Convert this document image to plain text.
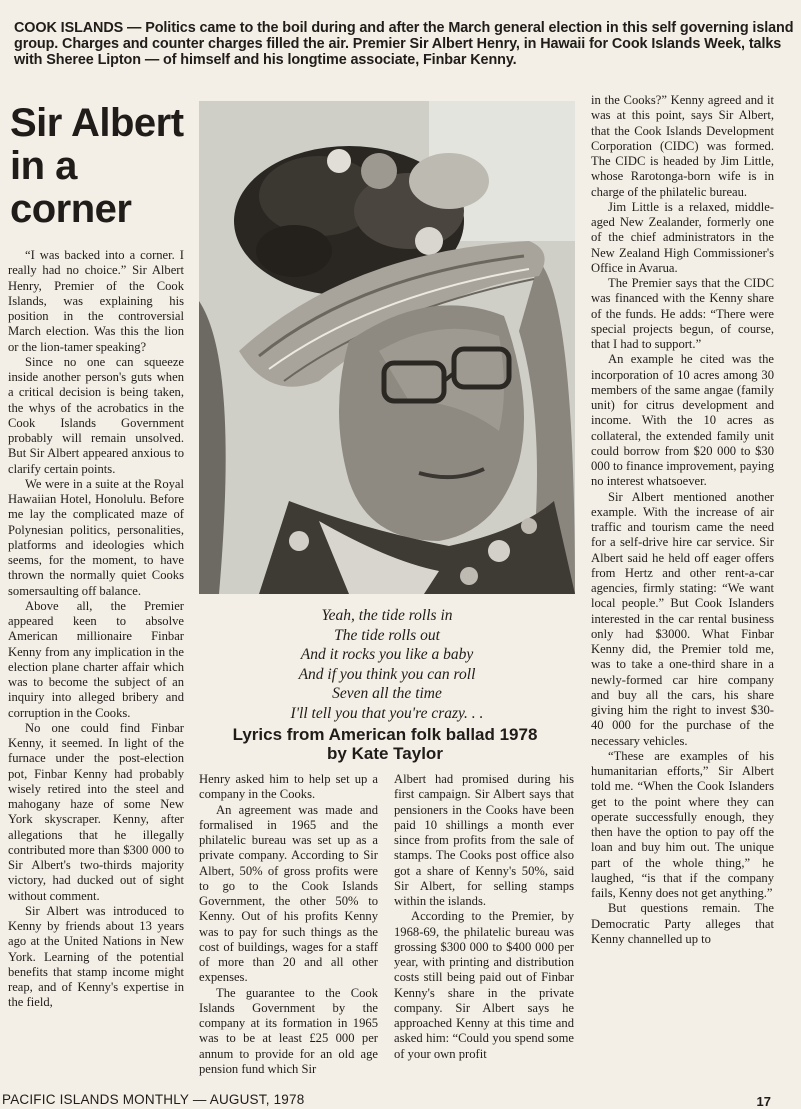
COOK ISLANDS — Politics came to the boil during and after the March general election in this self governing island group. Charges and counter charges filled the air. Premier Sir Albert Henry, in Hawaii for Cook Islands Week, talks with Sheree Lipton — of himself and his longtime associate, Finbar Kenny.
Sir Albert
in a
corner
Yeah, the tide rolls in
The tide rolls out
And it rocks you like a baby
And if you think you can roll
Seven all the time
I'll tell you that you're crazy. . .
Lyrics from American folk ballad 1978 by Kate Taylor

“I was backed into a corner. I really had no choice.” Sir Albert Henry, Premier of the Cook Islands, was explaining his position in the controversial March election. Was this the lion or the lion-tamer speaking?

Since no one can squeeze inside another person's guts when a critical decision is being taken, the whys of the acrobatics in the Cook Islands Government probably will remain unsolved. But Sir Albert appeared anxious to clarify certain points.

We were in a suite at the Royal Hawaiian Hotel, Honolulu. Before me lay the complicated maze of Polynesian politics, personalities, platforms and ideologies which seems, for the moment, to have thrown the normally quiet Cooks somersaulting off balance.

Above all, the Premier appeared keen to absolve American millionaire Finbar Kenny from any implication in the election plane charter affair which was to become the subject of an inquiry into alleged bribery and corruption in the Cooks.

No one could find Finbar Kenny, it seemed. In light of the furnace under the post-election pot, Finbar Kenny had probably wisely retired into the steel and mahogany haze of some New York skyscraper. Kenny, after allegations that he illegally contributed more than $300 000 to Sir Albert's two-thirds majority victory, had ducked out of sight without comment.

Sir Albert was introduced to Kenny by friends about 13 years ago at the United Nations in New York. Learning of the potential benefits that stamp income might reap, and of Kenny's expertise in the field,

Henry asked him to help set up a company in the Cooks.

An agreement was made and formalised in 1965 and the philatelic bureau was set up as a private company. According to Sir Albert, 50% of gross profits were to go to the Cook Islands Government, the other 50% to Kenny. Out of his profits Kenny was to pay for such things as the cost of buildings, wages for a staff of more than 20 and all other expenses.

The guarantee to the Cook Islands Government by the company at its formation in 1965 was to be at least £25 000 per annum to provide for an old age pension fund which Sir

Albert had promised during his first campaign. Sir Albert says that pensioners in the Cooks have been paid 10 shillings a month ever since from profits from the sale of stamps. The Cooks post office also got a share of Kenny's 50%, said Sir Albert, for selling stamps within the islands.

According to the Premier, by 1968-69, the philatelic bureau was grossing $300 000 to $400 000 per year, with printing and distribution costs still being paid out of Finbar Kenny's share in the private company. Sir Albert says he approached Kenny at this time and asked him: “Could you spend some of your own profit

in the Cooks?” Kenny agreed and it was at this point, says Sir Albert, that the Cook Islands Development Corporation (CIDC) was formed. The CIDC is headed by Jim Little, whose Rarotonga-born wife is in charge of the philatelic bureau.

Jim Little is a relaxed, middle-aged New Zealander, formerly one of the chief administrators in the New Zealand High Commissioner's Office in Avarua.

The Premier says that the CIDC was financed with the Kenny share of the funds. He adds: “There were special projects begun, of course, that I had to support.”

An example he cited was the incorporation of 10 acres among 30 members of the same angae (family unit) for citrus development and income. With the 10 acres as collateral, the extended family unit could borrow from $20 000 to $30 000 to finance improvement, paying no interest whatsoever.

Sir Albert mentioned another example. With the increase of air traffic and tourism came the need for a self-drive hire car service. Sir Albert said he held off eager offers from Hertz and other rent-a-car agencies, firmly stating: “We want local people.” But Cook Islanders interested in the car rental business only had $3000. What Finbar Kenny did, the Premier told me, was to take a one-third share in a newly-formed car hire company and buy all the cars, his share giving him the right to invest $30-40 000 for the purchase of the necessary vehicles.

“These are examples of his humanitarian efforts,” Sir Albert told me. “When the Cook Islanders get to the point where they can operate successfully enough, they then have the option to pay off the loan and buy him out. The unique part of the whole thing,” he laughed, “is that if the company fails, Kenny does not get anything.”

But questions remain. The Democratic Party alleges that Kenny channelled up to

PACIFIC ISLANDS MONTHLY — AUGUST, 1978	17
